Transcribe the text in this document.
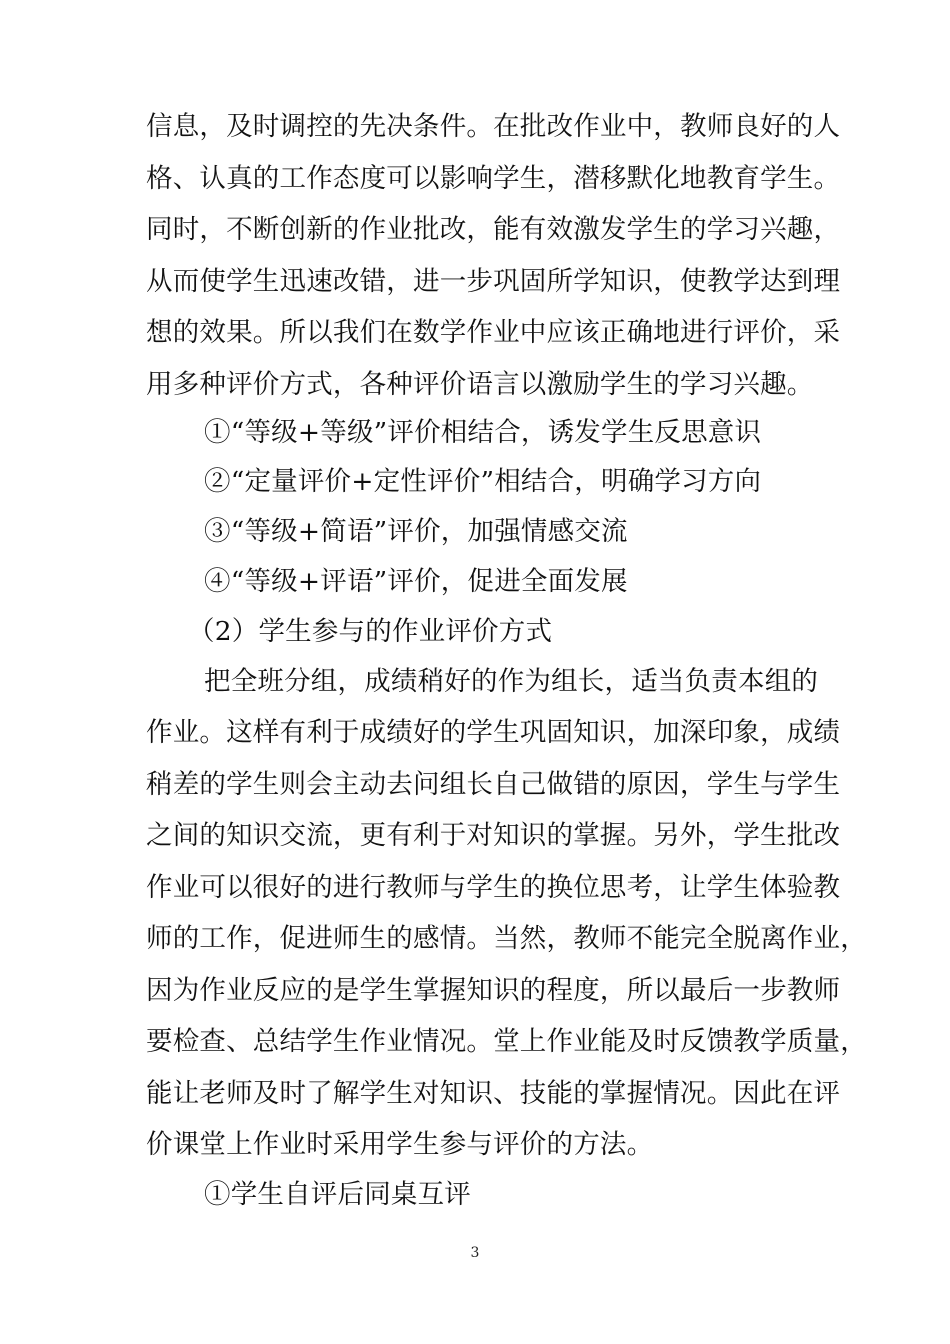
信息，及时调控的先决条件。在批改作业中，教师良好的人
格、认真的工作态度可以影响学生，潜移默化地教育学生。
同时，不断创新的作业批改，能有效激发学生的学习兴趣，
从而使学生迅速改错，进一步巩固所学知识，使教学达到理
想的效果。所以我们在数学作业中应该正确地进行评价，采
用多种评价方式，各种评价语言以激励学生的学习兴趣。
①“等级+等级”评价相结合，诱发学生反思意识
②“定量评价+定性评价”相结合，明确学习方向
③“等级+简语”评价，加强情感交流
④“等级+评语”评价，促进全面发展
（2）学生参与的作业评价方式
把全班分组，成绩稍好的作为组长，适当负责本组的
作业。这样有利于成绩好的学生巩固知识，加深印象，成绩
稍差的学生则会主动去问组长自己做错的原因，学生与学生
之间的知识交流，更有利于对知识的掌握。另外，学生批改
作业可以很好的进行教师与学生的换位思考，让学生体验教
师的工作，促进师生的感情。当然，教师不能完全脱离作业，
因为作业反应的是学生掌握知识的程度，所以最后一步教师
要检查、总结学生作业情况。堂上作业能及时反馈教学质量，
能让老师及时了解学生对知识、技能的掌握情况。因此在评
价课堂上作业时采用学生参与评价的方法。
①学生自评后同桌互评
3
